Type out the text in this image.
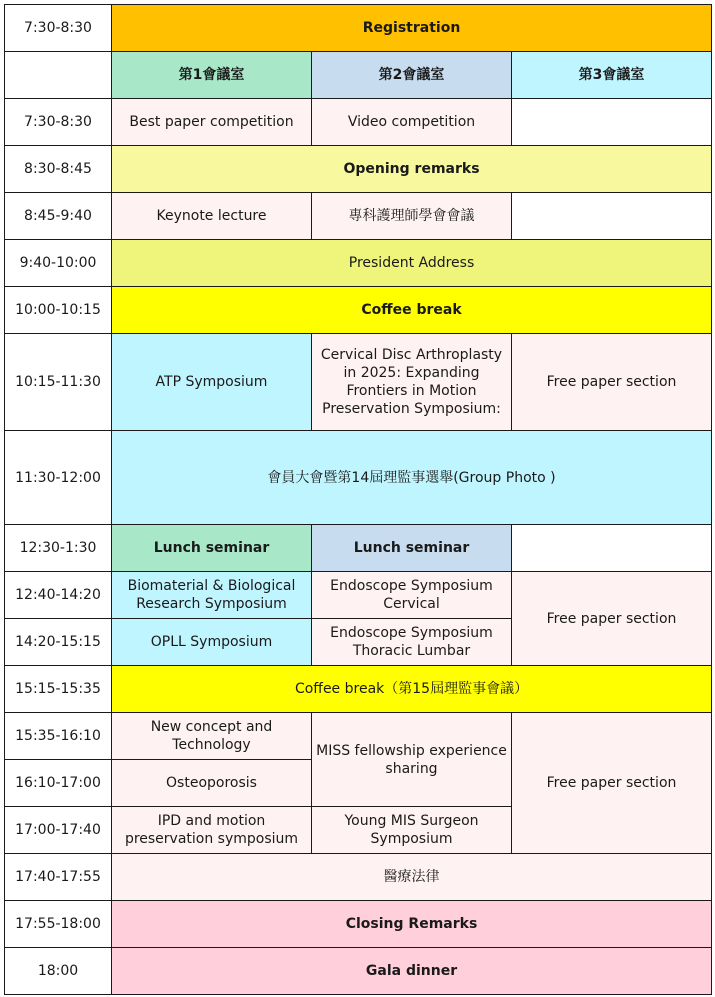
7:30-8:30	Registration		
	第1會議室	第2會議室	第3會議室
7:30-8:30	Best paper competition	Video competition	
8:30-8:45	Opening remarks		
8:45-9:40	Keynote lecture	專科護理師學會會議	
9:40-10:00	President Address		
10:00-10:15	Coffee break		
10:15-11:30	ATP Symposium	Cervical Disc Arthroplasty in 2025: Expanding Frontiers in Motion Preservation Symposium:	Free paper section
11:30-12:00	會員大會暨第14屆理監事選舉(Group Photo )		
12:30-1:30	Lunch seminar	Lunch seminar	
12:40-14:20	Biomaterial & Biological Research Symposium	Endoscope Symposium Cervical	Free paper section
14:20-15:15	OPLL Symposium	Endoscope Symposium Thoracic Lumbar	
15:15-15:35	Coffee break（第15屆理監事會議）		
15:35-16:10	New concept and Technology	MISS fellowship experience sharing	Free paper section
16:10-17:00	Osteoporosis		
17:00-17:40	IPD and motion preservation symposium	Young MIS Surgeon Symposium	
17:40-17:55	醫療法律		
17:55-18:00	Closing Remarks		
18:00	Gala dinner		
